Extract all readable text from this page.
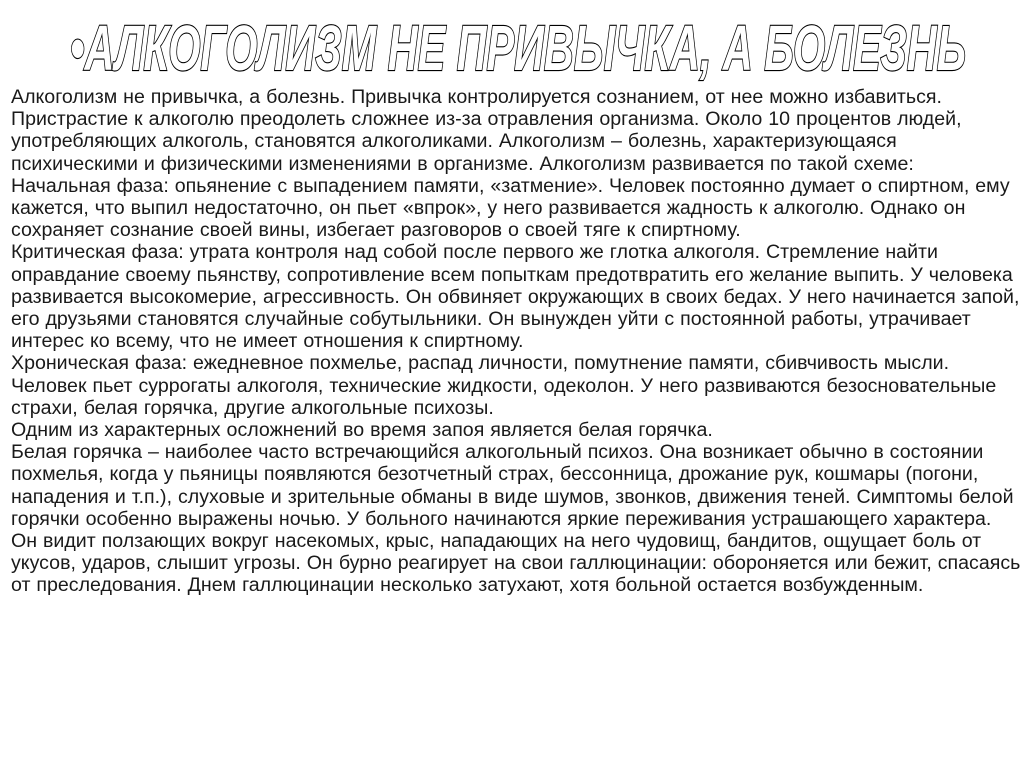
•АЛКОГОЛИЗМ НЕ ПРИВЫЧКА, А БОЛЕЗНЬ

Алкоголизм не привычка, а болезнь. Привычка контролируется сознанием, от нее можно избавиться. Пристрастие к алкоголю преодолеть сложнее из-за отравления организма. Около 10 процентов людей, употребляющих алкоголь, становятся алкоголиками. Алкоголизм – болезнь, характеризующаяся психическими и физическими изменениями в организме. Алкоголизм развивается по такой схеме:

Начальная фаза: опьянение с выпадением памяти, «затмение». Человек постоянно думает о спиртном, ему кажется, что выпил недостаточно, он пьет «впрок», у него развивается жадность к алкоголю. Однако он сохраняет сознание своей вины, избегает разговоров о своей тяге к спиртному.

Критическая фаза: утрата контроля над собой после первого же глотка алкоголя. Стремление найти оправдание своему пьянству, сопротивление всем попыткам предотвратить его желание выпить. У человека развивается высокомерие, агрессивность. Он обвиняет окружающих в своих бедах. У него начинается запой, его друзьями становятся случайные собутыльники. Он вынужден уйти с постоянной работы, утрачивает интерес ко всему, что не имеет отношения к спиртному.

Хроническая фаза: ежедневное похмелье, распад личности, помутнение памяти, сбивчивость мысли. Человек пьет суррогаты алкоголя, технические жидкости, одеколон. У него развиваются безосновательные страхи, белая горячка, другие алкогольные психозы.

Одним из характерных осложнений во время запоя является белая горячка.

Белая горячка – наиболее часто встречающийся алкогольный психоз. Она возникает обычно в состоянии похмелья, когда у пьяницы появляются безотчетный страх, бессонница, дрожание рук, кошмары (погони, нападения и т.п.), слуховые и зрительные обманы в виде шумов, звонков, движения теней. Симптомы белой горячки особенно выражены ночью. У больного начинаются яркие переживания устрашающего характера. Он видит ползающих вокруг насекомых, крыс, нападающих на него чудовищ, бандитов, ощущает боль от укусов, ударов, слышит угрозы. Он бурно реагирует на свои галлюцинации: обороняется или бежит, спасаясь от преследования. Днем галлюцинации несколько затухают, хотя больной остается возбужденным.
